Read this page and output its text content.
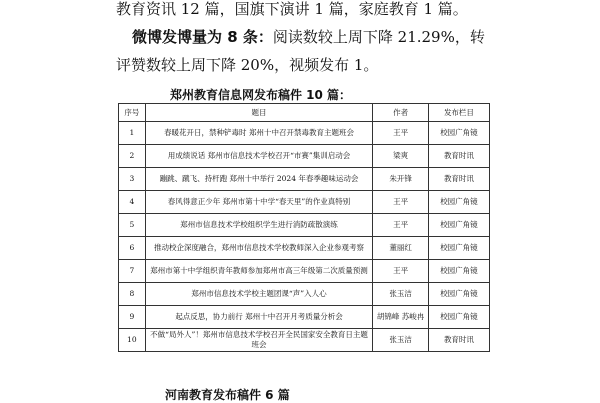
教育资讯 12 篇，国旗下演讲 1 篇，家庭教育 1 篇。
微博发博量为 8 条：阅读数较上周下降 21.29%，转
评赞数较上周下降 20%，视频发布 1。
郑州教育信息网发布稿件 10 篇：
序号	题目	作者	发布栏目
1	春暖花开日，禁种铲毒时 郑州十中召开禁毒教育主题班会	王平	校园广角镜
2	用成绩说话 郑州市信息技术学校召开“市赛”集训启动会	梁爽	教育时讯
3	蹦跳、蹴飞、持杆跑 郑州十中举行 2024 年春季趣味运动会	朱开锋	教育时讯
4	春风得意正少年 郑州市第十中学“春天里”的作业真特别	王平	校园广角镜
5	郑州市信息技术学校组织学生进行消防疏散演练	王平	校园广角镜
6	推动校企深度融合，郑州市信息技术学校教师深入企业参观考察	董丽红	校园广角镜
7	郑州市第十中学组织青年教师参加郑州市高三年级第二次质量预测	王平	校园广角镜
8	郑州市信息技术学校主题团课“声”入人心	张玉洁	校园广角镜
9	起点反思，协力前行 郑州十中召开月考质量分析会	胡锦峰 苏峻冉	校园广角镜
10	不做“局外人”！郑州市信息技术学校召开全民国家安全教育日主题班会	张玉洁	教育时讯
河南教育发布稿件 6 篇
